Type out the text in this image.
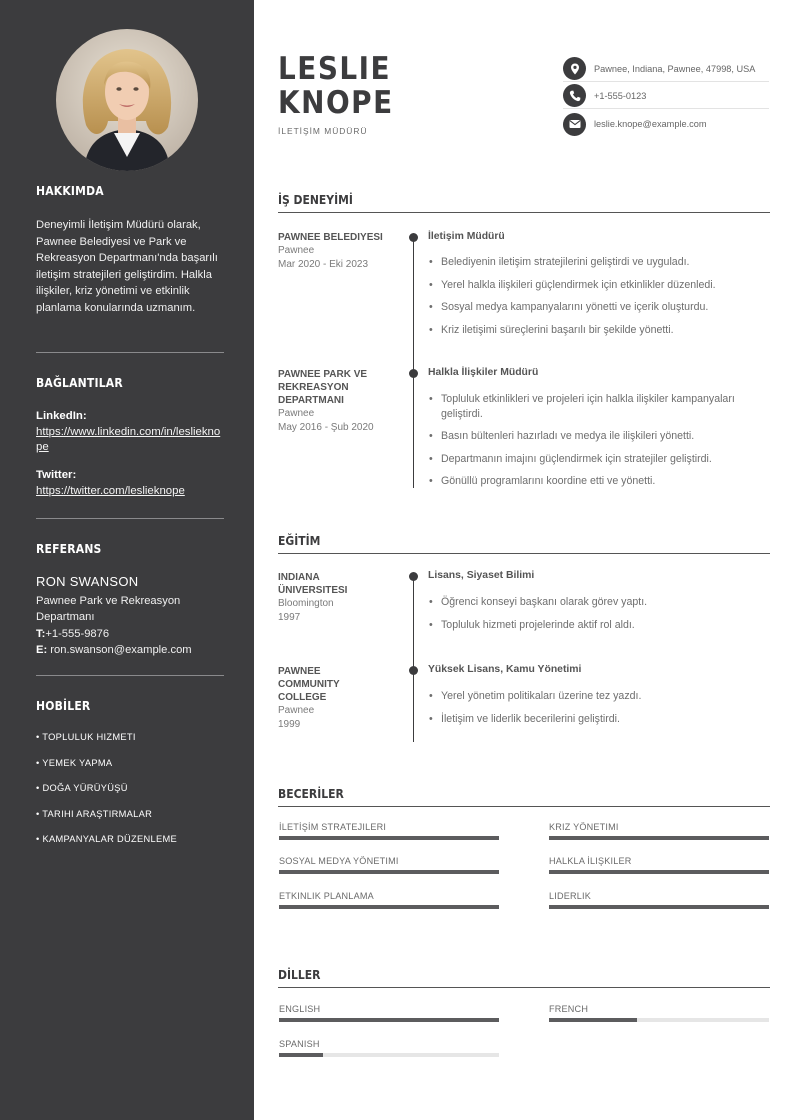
HAKKIMDA
Deneyimli İletişim Müdürü olarak, Pawnee Belediyesi ve Park ve Rekreasyon Departmanı'nda başarılı iletişim stratejileri geliştirdim. Halkla ilişkiler, kriz yönetimi ve etkinlik planlama konularında uzmanım.
BAĞLANTILAR
LinkedIn:
https://www.linkedin.com/in/leslieknope
Twitter:
https://twitter.com/leslieknope
REFERANS
RON SWANSON
Pawnee Park ve Rekreasyon Departmanı
T:+1-555-9876
E: ron.swanson@example.com
HOBİLER
• TOPLULUK HIZMETI
• YEMEK YAPMA
• DOĞA YÜRÜYÜŞÜ
• TARIHI ARAŞTIRMALAR
• KAMPANYALAR DÜZENLEME
LESLIE
KNOPE
İLETİŞİM MÜDÜRÜ
Pawnee, Indiana, Pawnee, 47998, USA
+1-555-0123
leslie.knope@example.com
İŞ DENEYİMİ
PAWNEE BELEDIYESI
Pawnee
Mar 2020 - Eki 2023
İletişim Müdürü
• Belediyenin iletişim stratejilerini geliştirdi ve uyguladı.
• Yerel halkla ilişkileri güçlendirmek için etkinlikler düzenledi.
• Sosyal medya kampanyalarını yönetti ve içerik oluşturdu.
• Kriz iletişimi süreçlerini başarılı bir şekilde yönetti.
PAWNEE PARK VE REKREASYON DEPARTMANI
Pawnee
May 2016 - Şub 2020
Halkla İlişkiler Müdürü
• Topluluk etkinlikleri ve projeleri için halkla ilişkiler kampanyaları geliştirdi.
• Basın bültenleri hazırladı ve medya ile ilişkileri yönetti.
• Departmanın imajını güçlendirmek için stratejiler geliştirdi.
• Gönüllü programlarını koordine etti ve yönetti.
EĞİTİM
INDIANA ÜNIVERSITESI
Bloomington
1997
Lisans, Siyaset Bilimi
• Öğrenci konseyi başkanı olarak görev yaptı.
• Topluluk hizmeti projelerinde aktif rol aldı.
PAWNEE COMMUNITY COLLEGE
Pawnee
1999
Yüksek Lisans, Kamu Yönetimi
• Yerel yönetim politikaları üzerine tez yazdı.
• İletişim ve liderlik becerilerini geliştirdi.
BECERİLER
İLETİŞİM STRATEJILERI	KRIZ YÖNETIMI
SOSYAL MEDYA YÖNETIMI	HALKLA İLIŞKILER
ETKINLIK PLANLAMA	LIDERLIK
DİLLER
ENGLISH	FRENCH
SPANISH
